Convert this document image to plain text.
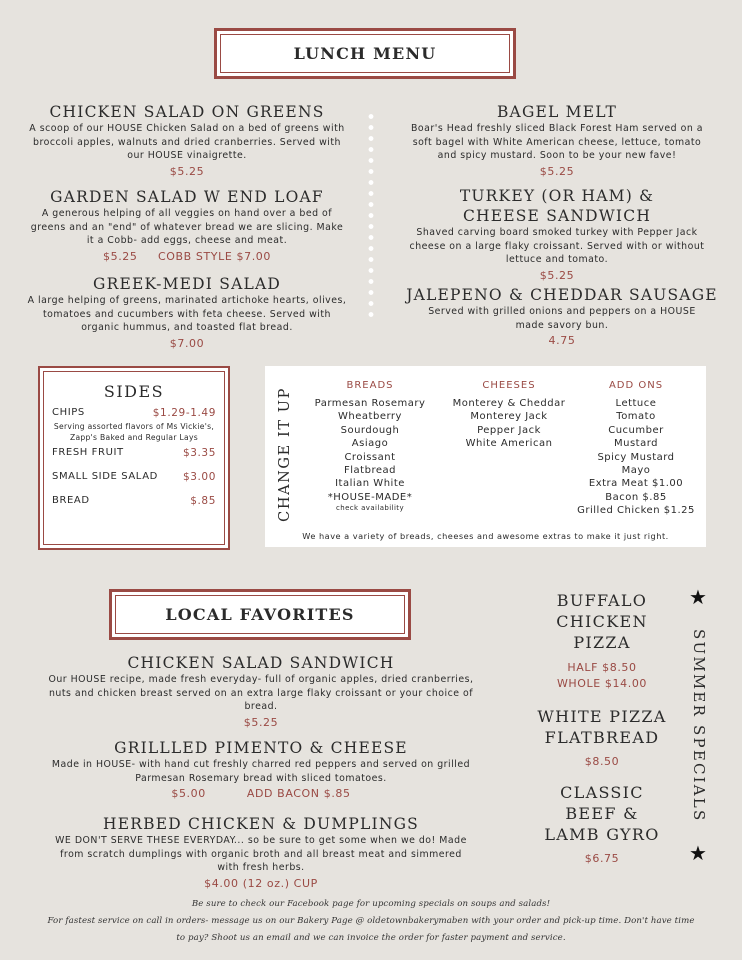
LUNCH MENU
CHICKEN SALAD ON GREENS

A scoop of our HOUSE Chicken Salad on a bed of greens with broccoli apples, walnuts and dried cranberries. Served with our HOUSE vinaigrette.

$5.25
GARDEN SALAD W END LOAF

A generous helping of all veggies on hand over a bed of greens and an "end" of whatever bread we are slicing. Make it a Cobb- add eggs, cheese and meat.

$5.25     COBB STYLE $7.00
GREEK-MEDI SALAD

A large helping of greens, marinated artichoke hearts, olives, tomatoes and cucumbers with feta cheese. Served with organic hummus, and toasted flat bread.

$7.00
BAGEL MELT

Boar's Head freshly sliced Black Forest Ham served on a soft bagel with White American cheese, lettuce, tomato and spicy mustard. Soon to be your new fave!

$5.25
TURKEY (OR HAM) & CHEESE SANDWICH

Shaved carving board smoked turkey with Pepper Jack cheese on a large flaky croissant. Served with or without lettuce and tomato.

$5.25
JALEPENO & CHEDDAR SAUSAGE

Served with grilled onions and peppers on a HOUSE made savory bun.

4.75
SIDES
CHIPS	$1.29-1.49
Serving assorted flavors of Ms Vickie's, Zapp's Baked and Regular Lays
FRESH FRUIT	$3.35
SMALL SIDE SALAD $3.00
BREAD	$.85	CHANGE IT UP
BREADS
Parmesan Rosemary
Wheatberry
Sourdough
Asiago
Croissant
Flatbread
Italian White
*HOUSE-MADE*
check availability
CHEESES
Monterey & Cheddar
Monterey Jack
Pepper Jack
White American
ADD ONS
Lettuce
Tomato
Cucumber
Mustard
Spicy Mustard
Mayo
Extra Meat $1.00
Bacon $.85
Grilled Chicken $1.25
We have a variety of breads, cheeses and awesome extras to make it just right.
LOCAL FAVORITES
CHICKEN SALAD SANDWICH

Our HOUSE recipe, made fresh everyday- full of organic apples, dried cranberries, nuts and chicken breast served on an extra large flaky croissant or your choice of bread.

$5.25
GRILLLED PIMENTO & CHEESE

Made in HOUSE- with hand cut freshly charred red peppers and served on grilled Parmesan Rosemary bread with sliced tomatoes.

$5.00          ADD BACON $.85
HERBED CHICKEN & DUMPLINGS

WE DON'T SERVE THESE EVERYDAY... so be sure to get some when we do! Made from scratch dumplings with organic broth and all breast meat and simmered with fresh herbs.

$4.00 (12 oz.) CUP
BUFFALO CHICKEN PIZZA
HALF $8.50
WHOLE $14.00
WHITE PIZZA FLATBREAD
$8.50
CLASSIC BEEF & LAMB GYRO
$6.75
★
SUMMER SPECIALS
★
Be sure to check our Facebook page for upcoming specials on soups and salads!
For fastest service on call in orders- message us on our Bakery Page @ oldetownbakerymaben with your order and pick-up time. Don't have time
to pay? Shoot us an email and we can invoice the order for faster payment and service.
